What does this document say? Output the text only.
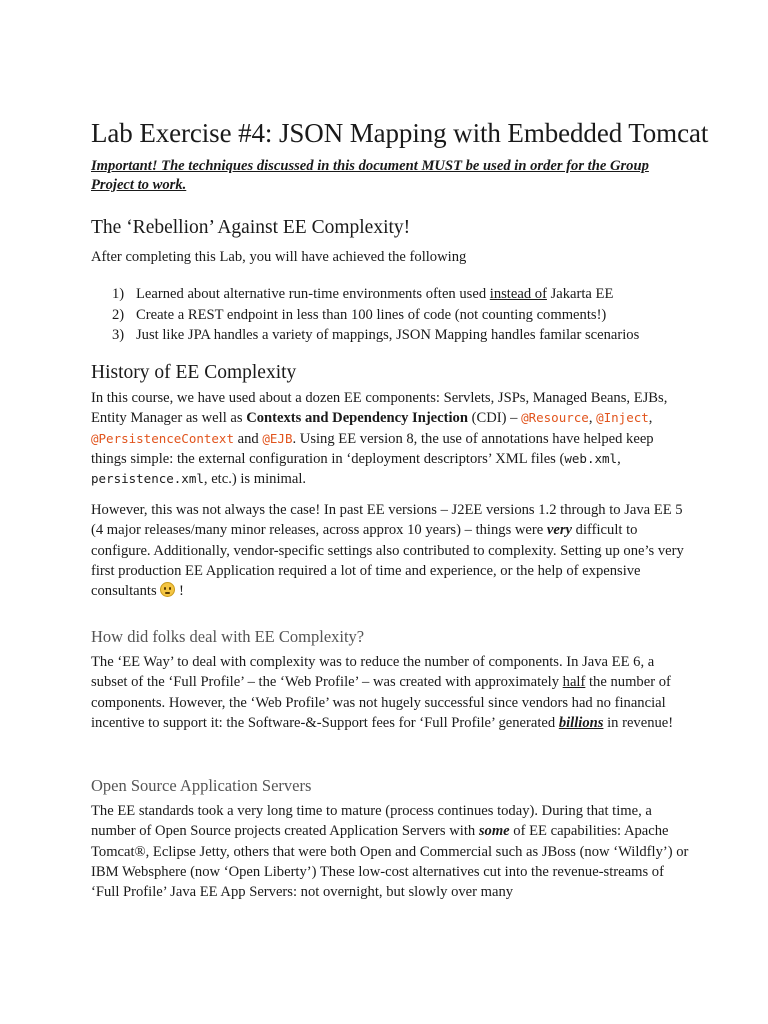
Lab Exercise #4: JSON Mapping with Embedded Tomcat

Important! The techniques discussed in this document MUST be used in order for the Group Project to work.

The ‘Rebellion’ Against EE Complexity!

After completing this Lab, you will have achieved the following

1) Learned about alternative run-time environments often used instead of Jakarta EE
2) Create a REST endpoint in less than 100 lines of code (not counting comments!)
3) Just like JPA handles a variety of mappings, JSON Mapping handles familar scenarios
History of EE Complexity

In this course, we have used about a dozen EE components: Servlets, JSPs, Managed Beans, EJBs, Entity Manager as well as Contexts and Dependency Injection (CDI) – @Resource, @Inject, @PersistenceContext and @EJB. Using EE version 8, the use of annotations have helped keep things simple: the external configuration in ‘deployment descriptors’ XML files (web.xml, persistence.xml, etc.) is minimal.

However, this was not always the case! In past EE versions – J2EE versions 1.2 through to Java EE 5 (4 major releases/many minor releases, across approx 10 years) – things were very difficult to configure. Additionally, vendor-specific settings also contributed to complexity. Setting up one’s very first production EE Application required a lot of time and experience, or the help of expensive consultants
!

How did folks deal with EE Complexity?

The ‘EE Way’ to deal with complexity was to reduce the number of components. In Java EE 6, a subset of the ‘Full Profile’ – the ‘Web Profile’ – was created with approximately half the number of components. However, the ‘Web Profile’ was not hugely successful since vendors had no financial incentive to support it: the Software-&-Support fees for ‘Full Profile’ generated billions in revenue!

Open Source Application Servers

The EE standards took a very long time to mature (process continues today). During that time, a number of Open Source projects created Application Servers with some of EE capabilities: Apache Tomcat®, Eclipse Jetty, others that were both Open and Commercial such as JBoss (now ‘Wildfly’) or IBM Websphere (now ‘Open Liberty’) These low-cost alternatives cut into the revenue-streams of ‘Full Profile’ Java EE App Servers: not overnight, but slowly over many
